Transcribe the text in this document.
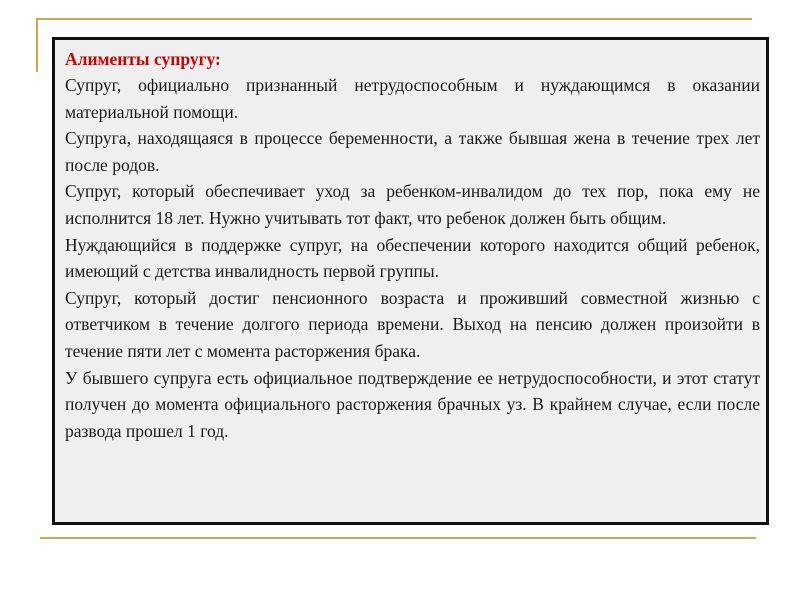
Алименты супругу:

Супруг, официально признанный нетрудоспособным и нуждающимся в оказании материальной помощи.

Супруга, находящаяся в процессе беременности, а также бывшая жена в течение трех лет после родов.

Супруг, который обеспечивает уход за ребенком-инвалидом до тех пор, пока ему не исполнится 18 лет. Нужно учитывать тот факт, что ребенок должен быть общим.

Нуждающийся в поддержке супруг, на обеспечении которого находится общий ребенок, имеющий с детства инвалидность первой группы.

Супруг, который достиг пенсионного возраста и проживший совместной жизнью с ответчиком в течение долгого периода времени. Выход на пенсию должен произойти в течение пяти лет с момента расторжения брака.

У бывшего супруга есть официальное подтверждение ее нетрудоспособности, и этот статут получен до момента официального расторжения брачных уз. В крайнем случае, если после развода прошел 1 год.
